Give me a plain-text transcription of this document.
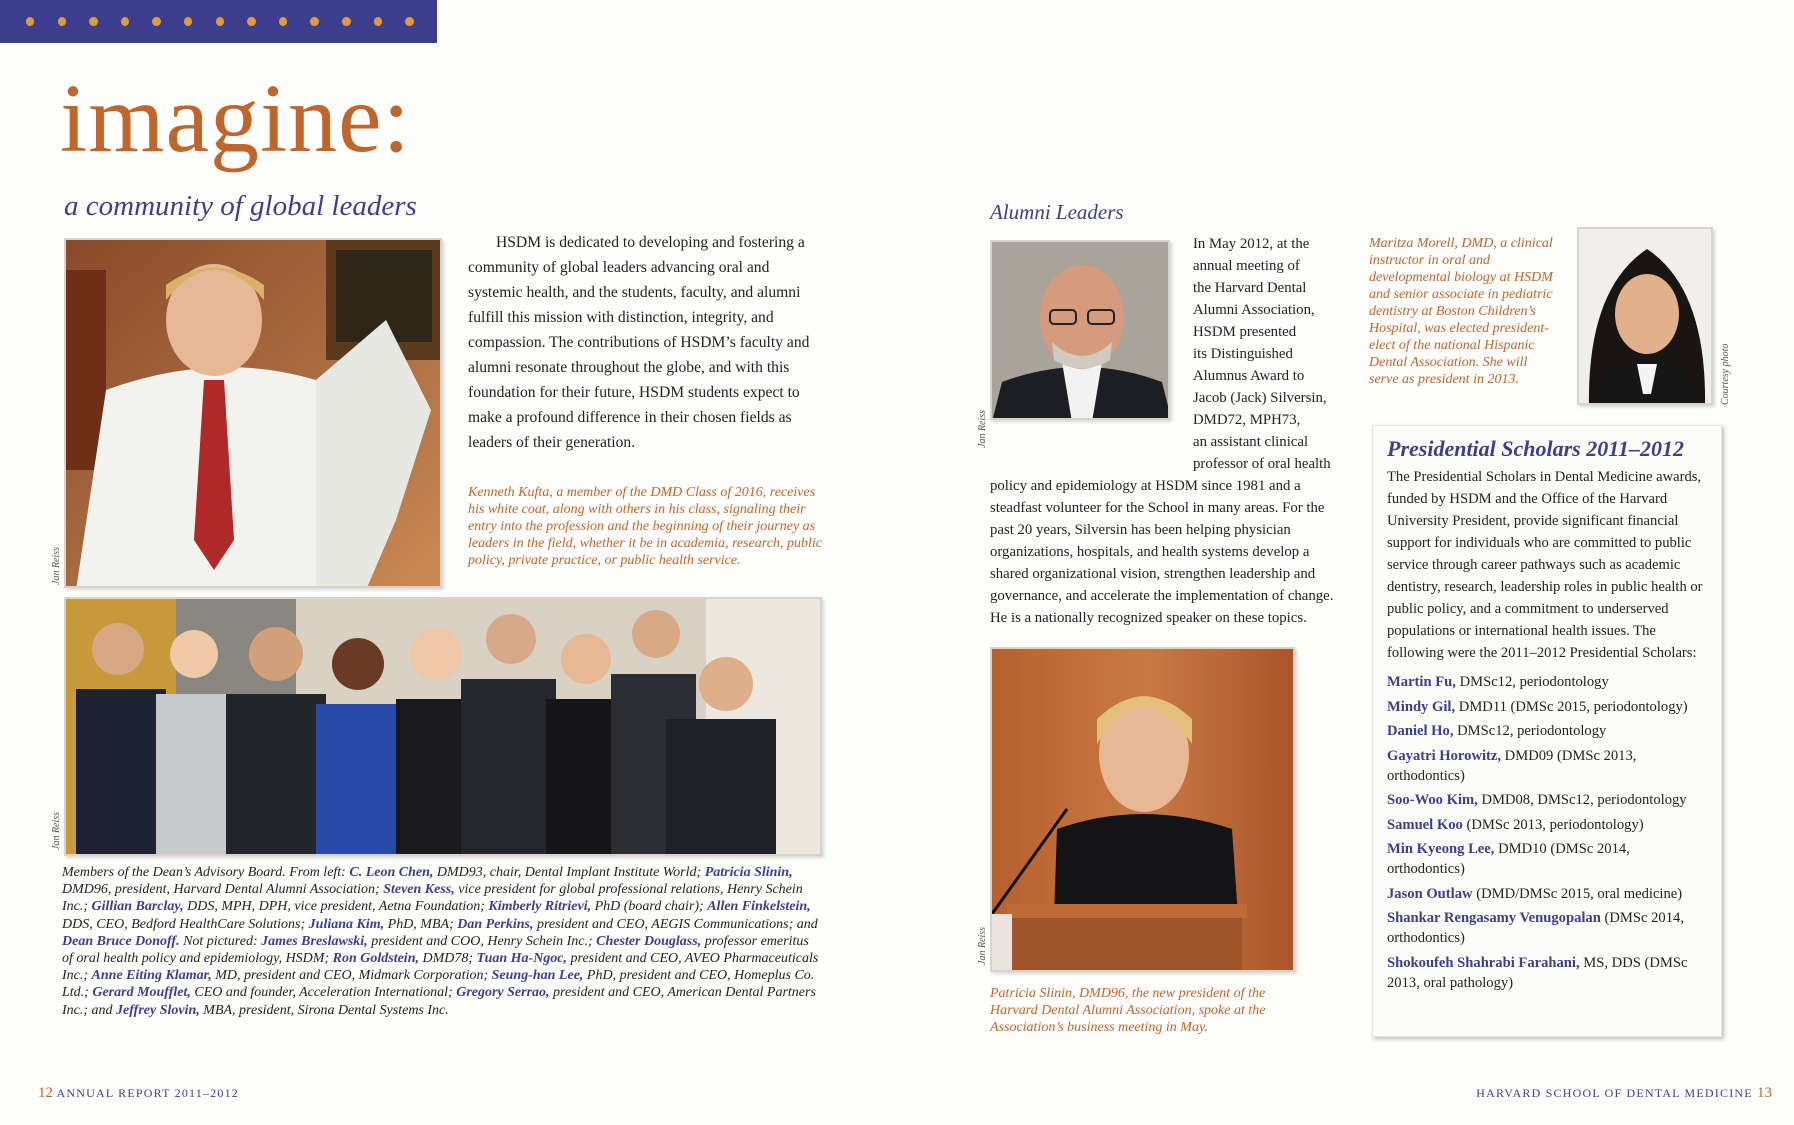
imagine:
a community of global leaders
Jan Reiss
HSDM is dedicated to developing and fostering a community of global leaders advancing oral and systemic health, and the students, faculty, and alumni fulfill this mission with distinction, integrity, and compassion. The contributions of HSDM’s faculty and alumni resonate throughout the globe, and with this foundation for their future, HSDM students expect to make a profound difference in their chosen fields as leaders of their generation.
Kenneth Kufta, a member of the DMD Class of 2016, receives his white coat, along with others in his class, signaling their entry into the profession and the beginning of their journey as leaders in the field, whether it be in academia, research, public policy, private practice, or public health service.
Jan Reiss
Members of the Dean’s Advisory Board. From left: C. Leon Chen, DMD93, chair, Dental Implant Institute World; Patricia Slinin, DMD96, president, Harvard Dental Alumni Association; Steven Kess, vice president for global professional relations, Henry Schein Inc.; Gillian Barclay, DDS, MPH, DPH, vice president, Aetna Foundation; Kimberly Ritrievi, PhD (board chair); Allen Finkelstein, DDS, CEO, Bedford HealthCare Solutions; Juliana Kim, PhD, MBA; Dan Perkins, president and CEO, AEGIS Communications; and Dean Bruce Donoff. Not pictured: James Breslawski, president and COO, Henry Schein Inc.; Chester Douglass, professor emeritus of oral health policy and epidemiology, HSDM; Ron Goldstein, DMD78; Tuan Ha-Ngoc, president and CEO, AVEO Pharmaceuticals Inc.; Anne Eiting Klamar, MD, president and CEO, Midmark Corporation; Seung-han Lee, PhD, president and CEO, Homeplus Co. Ltd.; Gerard Moufflet, CEO and founder, Acceleration International; Gregory Serrao, president and CEO, American Dental Partners Inc.; and Jeffrey Slovin, MBA, president, Sirona Dental Systems Inc.
Alumni Leaders
Jan Reiss
In May 2012, at the
annual meeting of
the Harvard Dental
Alumni Association,
HSDM presented
its Distinguished
Alumnus Award to
Jacob (Jack) Silversin,
DMD72, MPH73,
an assistant clinical
professor of oral health
policy and epidemiology at HSDM since 1981 and a steadfast volunteer for the School in many areas. For the past 20 years, Silversin has been helping physician organizations, hospitals, and health systems develop a shared organizational vision, strengthen leadership and governance, and accelerate the implementation of change. He is a nationally recognized speaker on these topics.
Jan Reiss
Patricia Slinin, DMD96, the new president of the Harvard Dental Alumni Association, spoke at the Association’s business meeting in May.
Maritza Morell, DMD, a clinical instructor in oral and developmental biology at HSDM and senior associate in pediatric dentistry at Boston Children’s Hospital, was elected president-elect of the national Hispanic Dental Association. She will serve as president in 2013.	Courtesy photo
Presidential Scholars 2011–2012

The Presidential Scholars in Dental Medicine awards, funded by HSDM and the Office of the Harvard University President, provide significant financial support for individuals who are committed to public service through career pathways such as academic dentistry, research, leadership roles in public health or public policy, and a commitment to underserved populations or international health issues. The following were the 2011–2012 Presidential Scholars:

Martin Fu, DMSc12, periodontology
Mindy Gil, DMD11 (DMSc 2015, periodontology)
Daniel Ho, DMSc12, periodontology
Gayatri Horowitz, DMD09 (DMSc 2013, orthodontics)
Soo-Woo Kim, DMD08, DMSc12, periodontology
Samuel Koo (DMSc 2013, periodontology)
Min Kyeong Lee, DMD10 (DMSc 2014, orthodontics)
Jason Outlaw (DMD/DMSc 2015, oral medicine)
Shankar Rengasamy Venugopalan (DMSc 2014, orthodontics)
Shokoufeh Shahrabi Farahani, MS, DDS (DMSc 2013, oral pathology)
12 ANNUAL REPORT 2011–2012	HARVARD SCHOOL OF DENTAL MEDICINE 13
